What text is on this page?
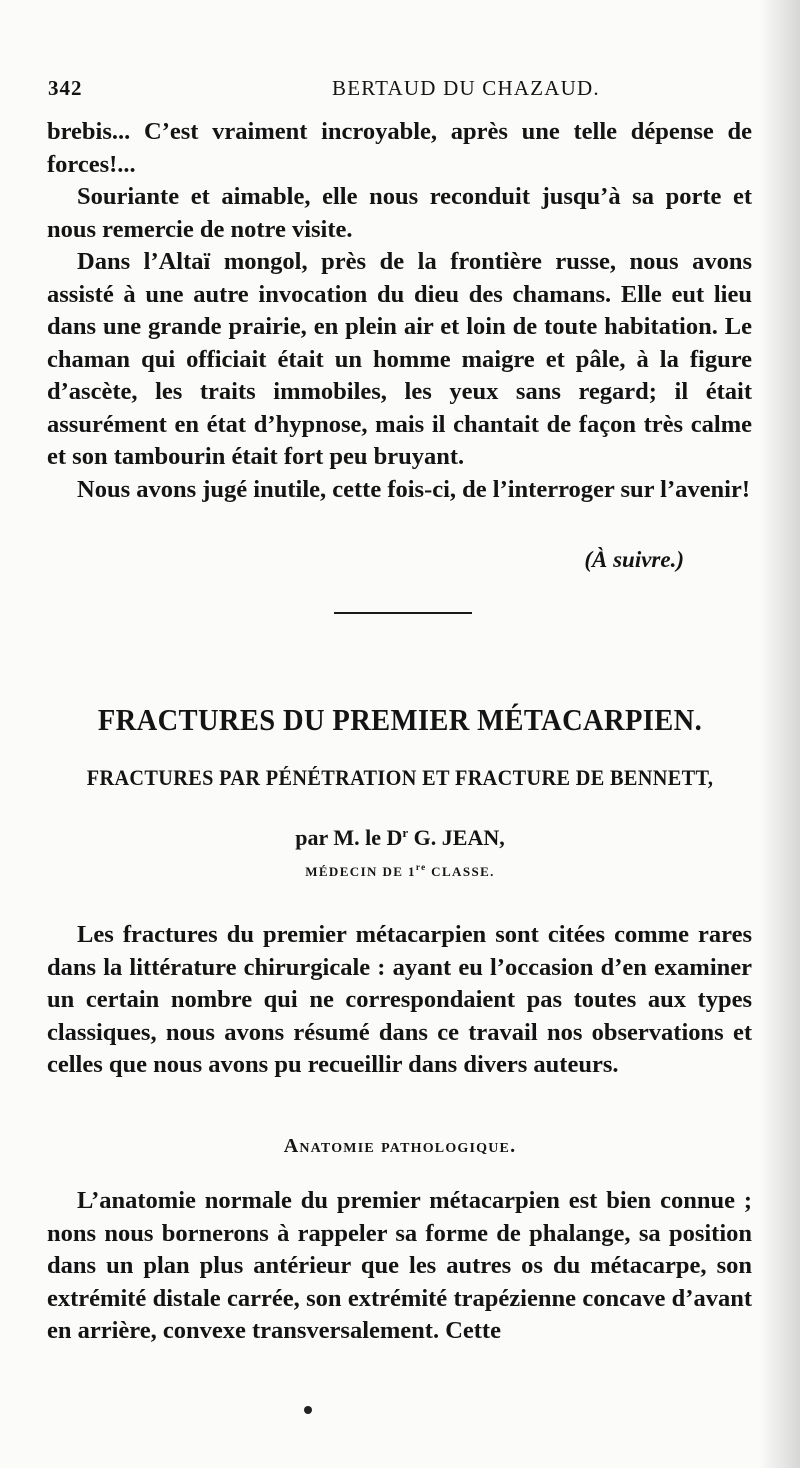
342	BERTAUD DU CHAZAUD.

brebis... C’est vraiment incroyable, après une telle dépense de forces!...

Souriante et aimable, elle nous reconduit jusqu’à sa porte et nous remercie de notre visite.

Dans l’Altaï mongol, près de la frontière russe, nous avons assisté à une autre invocation du dieu des chamans. Elle eut lieu dans une grande prairie, en plein air et loin de toute habitation. Le chaman qui officiait était un homme maigre et pâle, à la figure d’ascète, les traits immobiles, les yeux sans regard; il était assurément en état d’hypnose, mais il chantait de façon très calme et son tambourin était fort peu bruyant.

Nous avons jugé inutile, cette fois-ci, de l’interroger sur l’avenir!

(À suivre.)
FRACTURES DU PREMIER MÉTACARPIEN.
FRACTURES PAR PÉNÉTRATION ET FRACTURE DE BENNETT,
par M. le $D^r$ G. JEAN,
MÉDECIN DE 1re CLASSE.

Les fractures du premier métacarpien sont citées comme rares dans la littérature chirurgicale : ayant eu l’occasion d’en examiner un certain nombre qui ne correspondaient pas toutes aux types classiques, nous avons résumé dans ce travail nos observations et celles que nous avons pu recueillir dans divers auteurs.

Anatomie pathologique.

L’anatomie normale du premier métacarpien est bien connue ; nons nous bornerons à rappeler sa forme de phalange, sa position dans un plan plus antérieur que les autres os du métacarpe, son extrémité distale carrée, son extrémité trapézienne concave d’avant en arrière, convexe transversalement. Cette
